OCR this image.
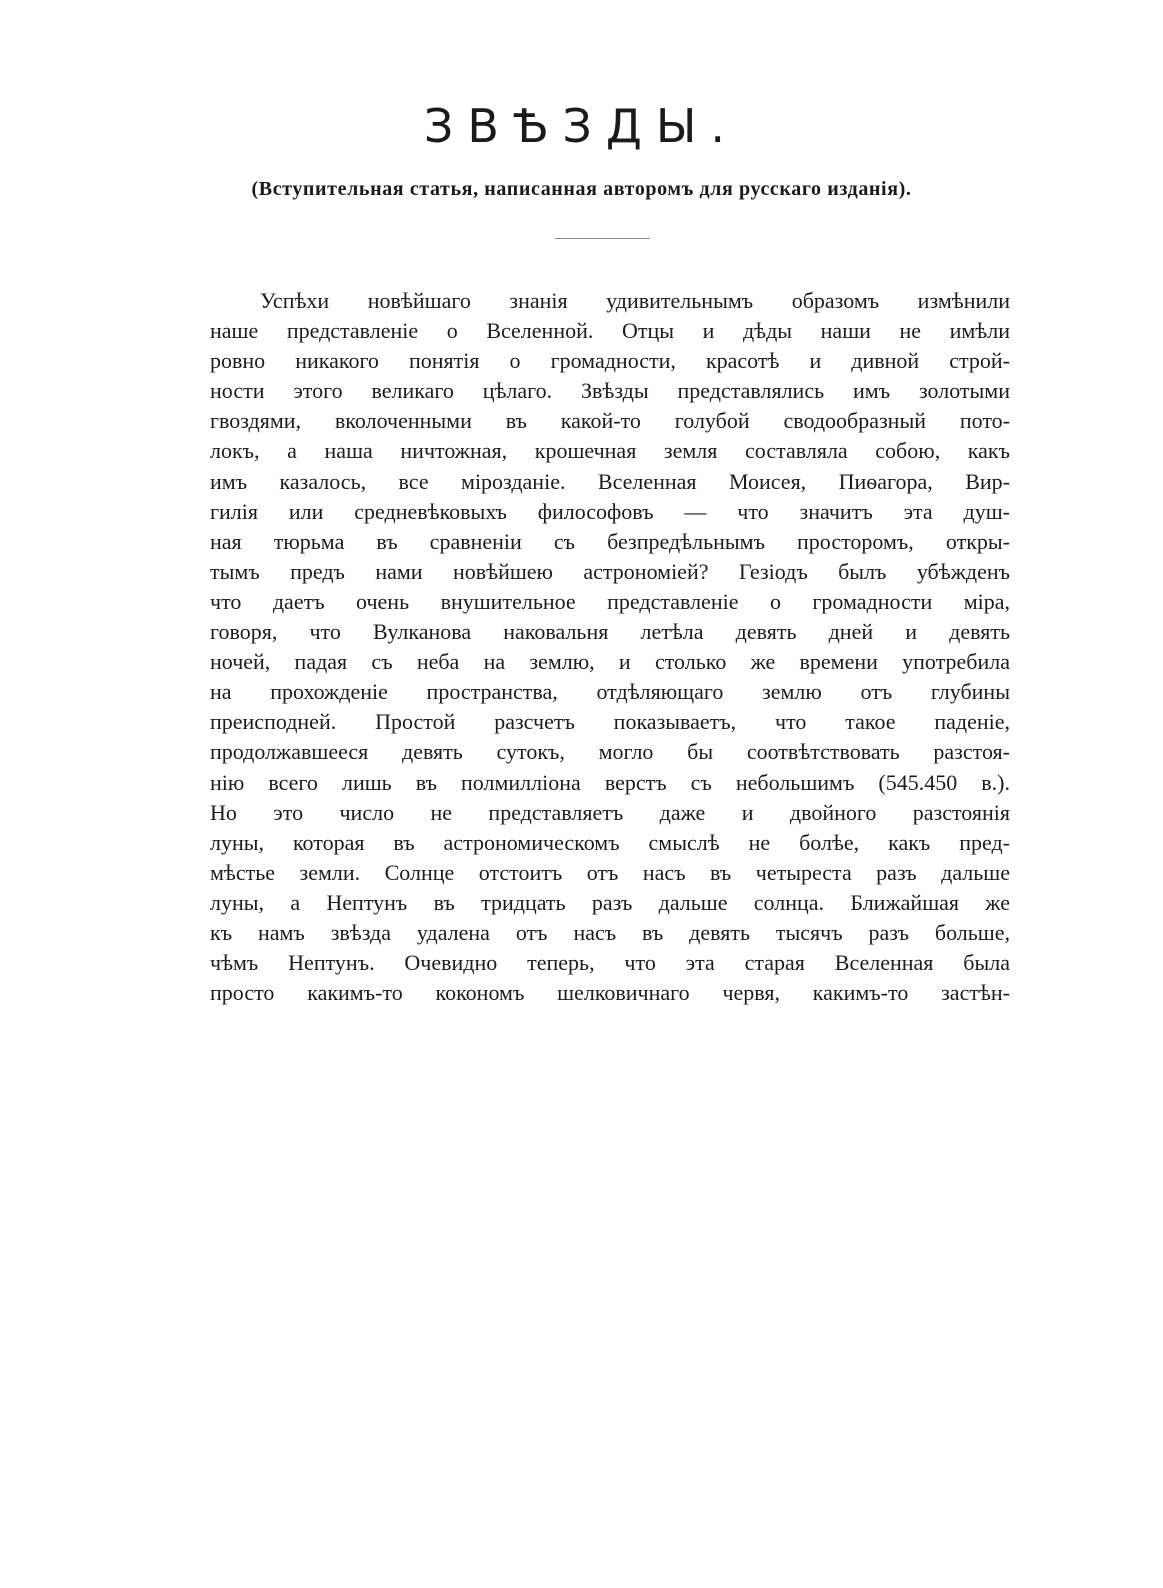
ЗВѢЗДЫ.

(Вступительная статья, написанная авторомъ для русскаго изданія).

Успѣхи новѣйшаго знанія удивительнымъ образомъ измѣнили
наше представленіе о Вселенной. Отцы и дѣды наши не имѣли
ровно никакого понятія о громадности, красотѣ и дивной строй-
ности этого великаго цѣлаго. Звѣзды представлялись имъ золотыми
гвоздями, вколоченными въ какой-то голубой сводообразный пото-
локъ, а наша ничтожная, крошечная земля составляла собою, какъ
имъ казалось, все мірозданіе. Вселенная Моисея, Пиѳагора, Вир-
гилія или средневѣковыхъ философовъ — что значитъ эта душ-
ная тюрьма въ сравненіи съ безпредѣльнымъ просторомъ, откры-
тымъ предъ нами новѣйшею астрономіей? Гезіодъ былъ убѣжденъ
что даетъ очень внушительное представленіе о громадности міра,
говоря, что Вулканова наковальня летѣла девять дней и девять
ночей, падая съ неба на землю, и столько же времени употребила
на прохожденіе пространства, отдѣляющаго землю отъ глубины
преисподней. Простой разсчетъ показываетъ, что такое паденіе,
продолжавшееся девять сутокъ, могло бы соотвѣтствовать разстоя-
нію всего лишь въ полмилліона верстъ съ небольшимъ (545.450 в.).
Но это число не представляетъ даже и двойного разстоянія
луны, которая въ астрономическомъ смыслѣ не болѣе, какъ пред-
мѣстье земли. Солнце отстоитъ отъ насъ въ четыреста разъ дальше
луны, а Нептунъ въ тридцать разъ дальше солнца. Ближайшая же
къ намъ звѣзда удалена отъ насъ въ девять тысячъ разъ больше,
чѣмъ Нептунъ. Очевидно теперь, что эта старая Вселенная была
просто какимъ-то кокономъ шелковичнаго червя, какимъ-то застѣн-
